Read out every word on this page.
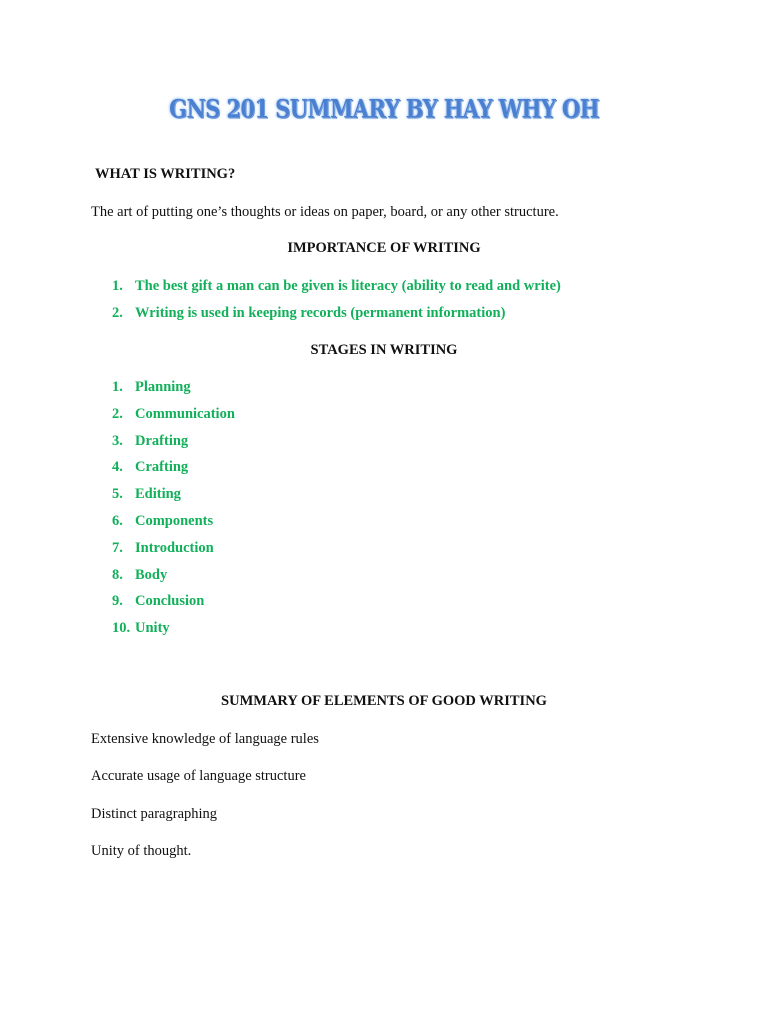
GNS 201 SUMMARY BY HAY WHY OH
WHAT IS WRITING?

The art of putting one’s thoughts or ideas on paper, board, or any other structure.

IMPORTANCE OF WRITING
1. The best gift a man can be given is literacy (ability to read and write)
2. Writing is used in keeping records (permanent information)
STAGES IN WRITING
1. Planning
2. Communication
3. Drafting
4. Crafting
5. Editing
6. Components
7. Introduction
8. Body
9. Conclusion
10. Unity
SUMMARY OF ELEMENTS OF GOOD WRITING

Extensive knowledge of language rules

Accurate usage of language structure

Distinct paragraphing

Unity of thought.
